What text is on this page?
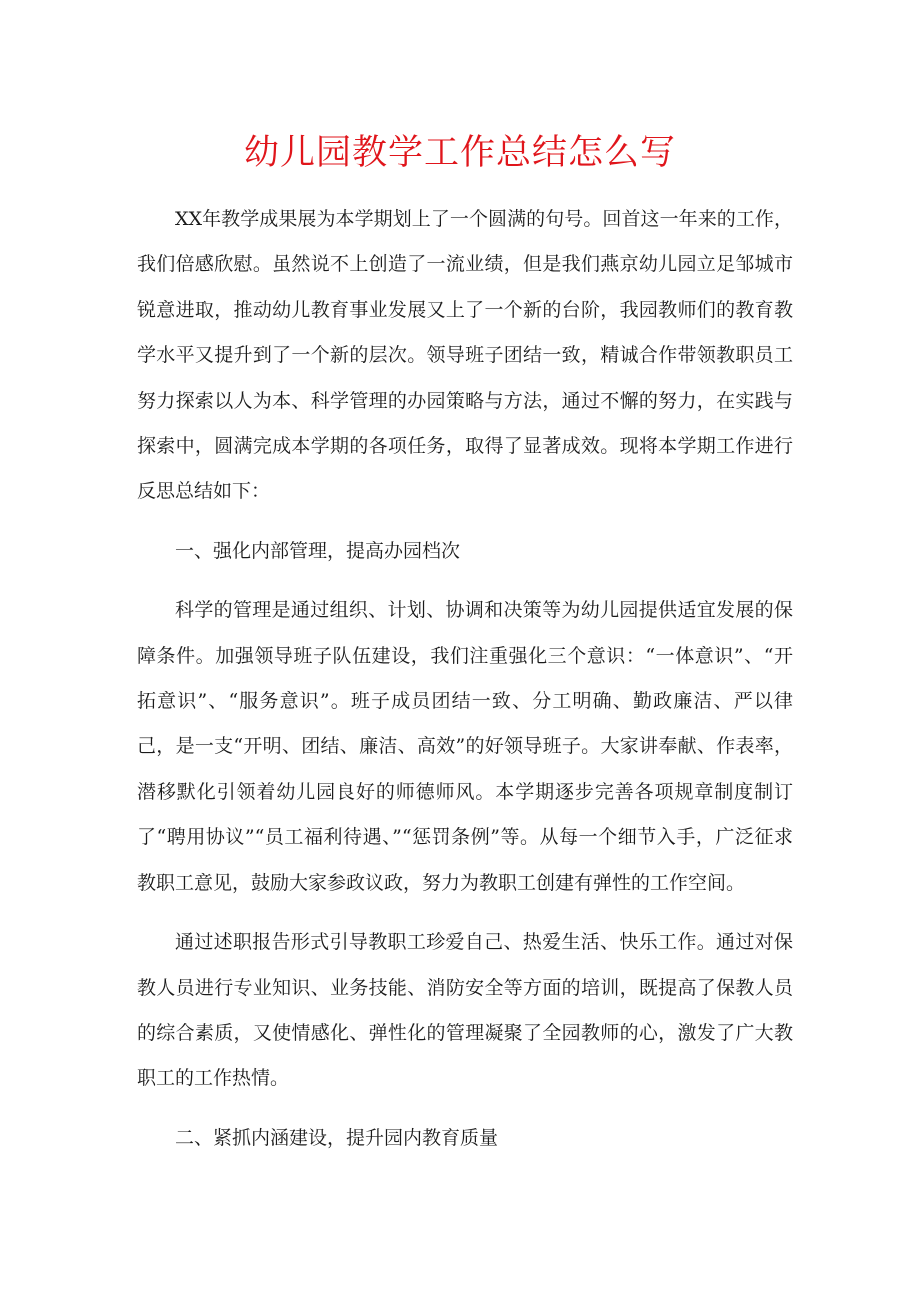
幼儿园教学工作总结怎么写

XX年教学成果展为本学期划上了一个圆满的句号。回首这一年来的工作，我们倍感欣慰。虽然说不上创造了一流业绩，但是我们燕京幼儿园立足邹城市锐意进取，推动幼儿教育事业发展又上了一个新的台阶，我园教师们的教育教学水平又提升到了一个新的层次。领导班子团结一致，精诚合作带领教职员工努力探索以人为本、科学管理的办园策略与方法，通过不懈的努力，在实践与探索中，圆满完成本学期的各项任务，取得了显著成效。现将本学期工作进行反思总结如下：

一、强化内部管理，提高办园档次

科学的管理是通过组织、计划、协调和决策等为幼儿园提供适宜发展的保障条件。加强领导班子队伍建设，我们注重强化三个意识：“一体意识”、“开拓意识”、“服务意识”。班子成员团结一致、分工明确、勤政廉洁、严以律己，是一支“开明、团结、廉洁、高效”的好领导班子。大家讲奉献、作表率，潜移默化引领着幼儿园良好的师德师风。本学期逐步完善各项规章制度制订了“聘用协议”“员工福利待遇、”“惩罚条例”等。从每一个细节入手，广泛征求教职工意见，鼓励大家参政议政，努力为教职工创建有弹性的工作空间。

通过述职报告形式引导教职工珍爱自己、热爱生活、快乐工作。通过对保教人员进行专业知识、业务技能、消防安全等方面的培训，既提高了保教人员的综合素质，又使情感化、弹性化的管理凝聚了全园教师的心，激发了广大教职工的工作热情。

二、紧抓内涵建设，提升园内教育质量
